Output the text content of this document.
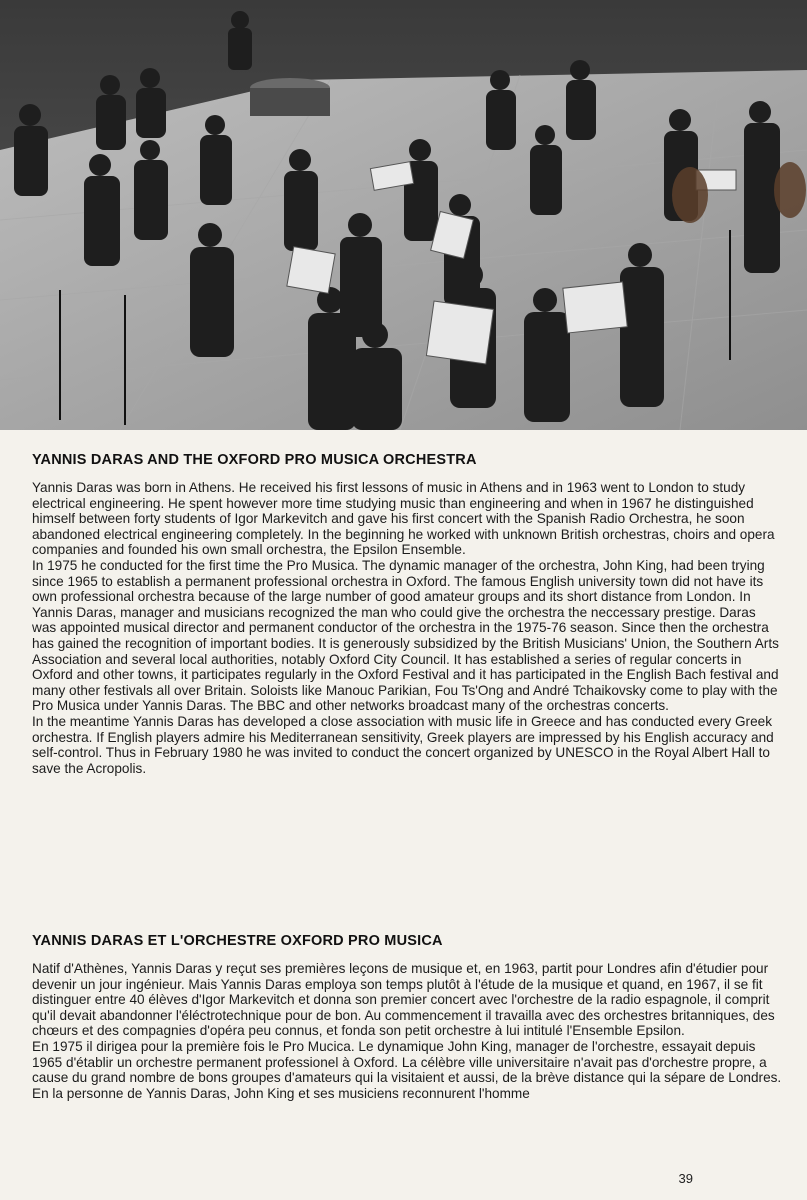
YANNIS DARAS AND THE OXFORD PRO MUSICA ORCHESTRA

Yannis Daras was born in Athens. He received his first lessons of music in Athens and in 1963 went to London to study electrical engineering. He spent however more time studying music than engineering and when in 1967 he distinguished himself between forty students of Igor Markevitch and gave his first concert with the Spanish Radio Orchestra, he soon abandoned electrical engineering completely. In the beginning he worked with unknown British orchestras, choirs and opera companies and founded his own small orchestra, the Epsilon Ensemble.

In 1975 he conducted for the first time the Pro Musica. The dynamic manager of the orchestra, John King, had been trying since 1965 to establish a permanent professional orchestra in Oxford. The famous English university town did not have its own professional orchestra because of the large number of good amateur groups and its short distance from London. In Yannis Daras, manager and musicians recognized the man who could give the orchestra the neccessary prestige. Daras was appointed musical director and permanent conductor of the orchestra in the 1975-76 season. Since then the orchestra has gained the recognition of important bodies. It is generously subsidized by the British Musicians' Union, the Southern Arts Association and several local authorities, notably Oxford City Council. It has established a series of regular concerts in Oxford and other towns, it participates regularly in the Oxford Festival and it has participated in the English Bach festival and many other festivals all over Britain. Soloists like Manouc Parikian, Fou Ts'Ong and André Tchaikovsky come to play with the Pro Musica under Yannis Daras. The BBC and other networks broadcast many of the orchestras concerts.

In the meantime Yannis Daras has developed a close association with music life in Greece and has conducted every Greek orchestra. If English players admire his Mediterranean sensitivity, Greek players are impressed by his English accuracy and self-control. Thus in February 1980 he was invited to conduct the concert organized by UNESCO in the Royal Albert Hall to save the Acropolis.

YANNIS DARAS ET L'ORCHESTRE OXFORD PRO MUSICA

Natif d'Athènes, Yannis Daras y reçut ses premières leçons de musique et, en 1963, partit pour Londres afin d'étudier pour devenir un jour ingénieur. Mais Yannis Daras employa son temps plutôt à l'étude de la musique et quand, en 1967, il se fit distinguer entre 40 élèves d'Igor Markevitch et donna son premier concert avec l'orchestre de la radio espagnole, il comprit qu'il devait abandonner l'éléctrotechnique pour de bon. Au commencement il travailla avec des orchestres britanniques, des chœurs et des compagnies d'opéra peu connus, et fonda son petit orchestre à lui intitulé l'Ensemble Epsilon.

En 1975 il dirigea pour la première fois le Pro Mucica. Le dynamique John King, manager de l'orchestre, essayait depuis 1965 d'établir un orchestre permanent professionel à Oxford. La célèbre ville universitaire n'avait pas d'orchestre propre, a cause du grand nombre de bons groupes d'amateurs qui la visitaient et aussi, de la brève distance qui la sépare de Londres. En la personne de Yannis Daras, John King et ses musiciens reconnurent l'homme

39
